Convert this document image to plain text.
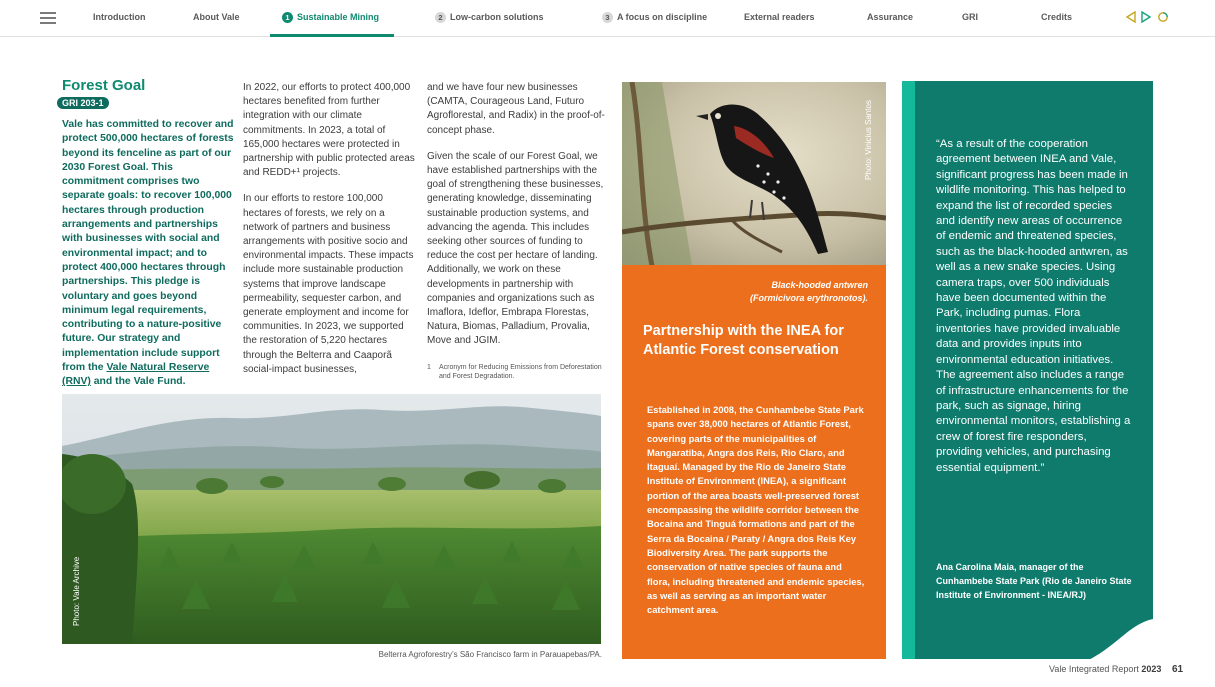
Introduction	About Vale	1 Sustainable Mining	2 Low-carbon solutions	3 A focus on discipline	External readers	Assurance	GRI	Credits
Forest Goal
GRI 203-1
Vale has committed to recover and protect 500,000 hectares of forests beyond its fenceline as part of our 2030 Forest Goal. This commitment comprises two separate goals: to recover 100,000 hectares through production arrangements and partnerships with businesses with social and environmental impact; and to protect 400,000 hectares through partnerships. This pledge is voluntary and goes beyond minimum legal requirements, contributing to a nature-positive future. Our strategy and implementation include support from the Vale Natural Reserve (RNV) and the Vale Fund.

In 2022, our efforts to protect 400,000 hectares benefited from further integration with our climate commitments. In 2023, a total of 165,000 hectares were protected in partnership with public protected areas and REDD+¹ projects.

In our efforts to restore 100,000 hectares of forests, we rely on a network of partners and business arrangements with positive socio and environmental impacts. These impacts include more sustainable production systems that improve landscape permeability, sequester carbon, and generate employment and income for communities. In 2023, we supported the restoration of 5,220 hectares through the Belterra and Caaporã social-impact businesses,

and we have four new businesses (CAMTA, Courageous Land, Futuro Agroflorestal, and Radix) in the proof-of-concept phase.

Given the scale of our Forest Goal, we have established partnerships with the goal of strengthening these businesses, generating knowledge, disseminating sustainable production systems, and advancing the agenda. This includes seeking other sources of funding to reduce the cost per hectare of landing. Additionally, we work on these developments in partnership with companies and organizations such as Imaflora, Ideflor, Embrapa Florestas, Natura, Biomas, Palladium, Provalia, Move and JGIM.

1 Acronym for Reducing Emissions from Deforestation and Forest Degradation.
Photo: Vale Archive
Belterra Agroforestry’s São Francisco farm in Parauapebas/PA.
Photo: Vinicius Santos
Black-hooded antwren
(Formicivora erythronotos).
Partnership with the INEA for Atlantic Forest conservation
Established in 2008, the Cunhambebe State Park spans over 38,000 hectares of Atlantic Forest, covering parts of the municipalities of Mangaratiba, Angra dos Reis, Rio Claro, and Itaguaí. Managed by the Rio de Janeiro State Institute of Environment (INEA), a significant portion of the area boasts well-preserved forest encompassing the wildlife corridor between the Bocaina and Tinguá formations and part of the Serra da Bocaina / Paraty / Angra dos Reis Key Biodiversity Area. The park supports the conservation of native species of fauna and flora, including threatened and endemic species, as well as serving as an important water catchment area.
“As a result of the cooperation agreement between INEA and Vale, significant progress has been made in wildlife monitoring. This has helped to expand the list of recorded species and identify new areas of occurrence of endemic and threatened species, such as the black-hooded antwren, as well as a new snake species. Using camera traps, over 500 individuals have been documented within the Park, including pumas. Flora inventories have provided invaluable data and provides inputs into environmental education initiatives. The agreement also includes a range of infrastructure enhancements for the park, such as signage, hiring environmental monitors, establishing a crew of forest fire responders, providing vehicles, and purchasing essential equipment.”
Ana Carolina Maia, manager of the Cunhambebe State Park (Rio de Janeiro State Institute of Environment - INEA/RJ)
Vale Integrated Report 2023 61
